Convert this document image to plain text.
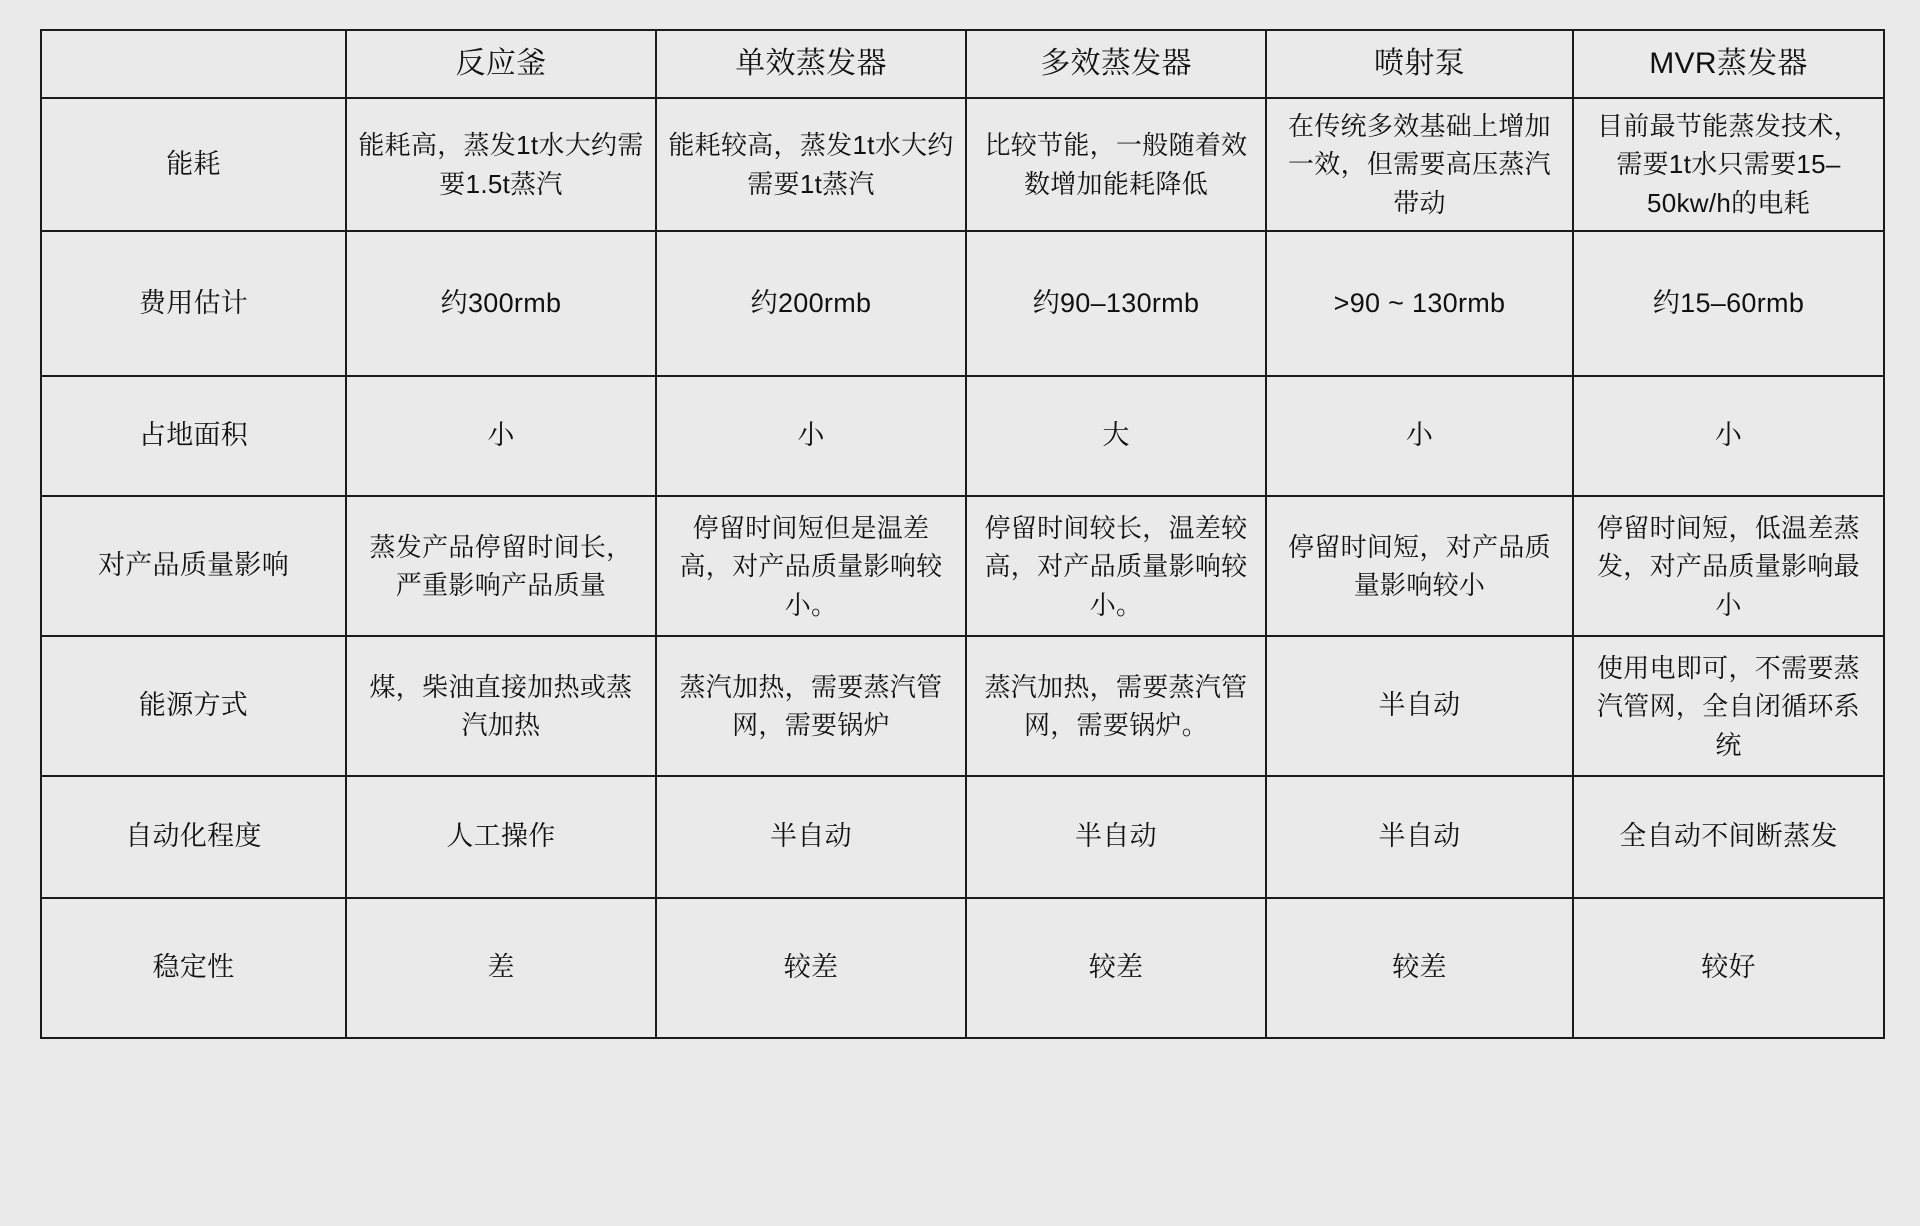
	反应釜	单效蒸发器	多效蒸发器	喷射泵	MVR蒸发器
能耗	能耗高，蒸发1t水大约需要1.5t蒸汽	能耗较高，蒸发1t水大约需要1t蒸汽	比较节能，一般随着效数增加能耗降低	在传统多效基础上增加一效，但需要高压蒸汽带动	目前最节能蒸发技术，需要1t水只需要15–50kw/h的电耗
费用估计	约300rmb	约200rmb	约90–130rmb	>90 ~ 130rmb	约15–60rmb
占地面积	小	小	大	小	小
对产品质量影响	蒸发产品停留时间长，严重影响产品质量	停留时间短但是温差高，对产品质量影响较小。	停留时间较长，温差较高，对产品质量影响较小。	停留时间短，对产品质量影响较小	停留时间短，低温差蒸发，对产品质量影响最小
能源方式	煤，柴油直接加热或蒸汽加热	蒸汽加热，需要蒸汽管网，需要锅炉	蒸汽加热，需要蒸汽管网，需要锅炉。	半自动	使用电即可，不需要蒸汽管网，全自闭循环系统
自动化程度	人工操作	半自动	半自动	半自动	全自动不间断蒸发
稳定性	差	较差	较差	较差	较好
